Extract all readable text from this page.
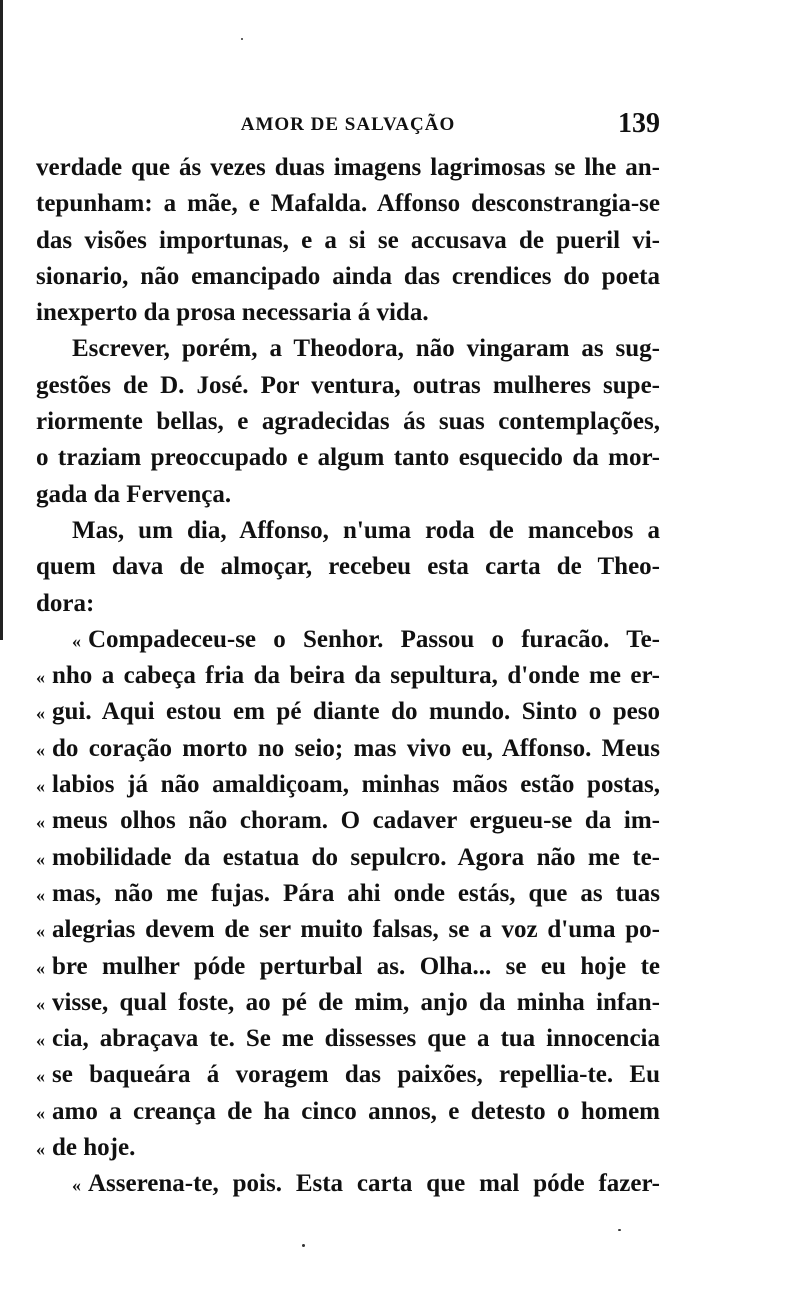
AMOR DE SALVAÇÃO	139
verdade que ás vezes duas imagens lagrimosas se lhe an-
tepunham: a mãe, e Mafalda. Affonso desconstrangia-se
das visões importunas, e a si se accusava de pueril vi-
sionario, não emancipado ainda das crendices do poeta
inexperto da prosa necessaria á vida.
Escrever, porém, a Theodora, não vingaram as sug-
gestões de D. José. Por ventura, outras mulheres supe-
riormente bellas, e agradecidas ás suas contemplações,
o traziam preoccupado e algum tanto esquecido da mor-
gada da Fervença.
Mas, um dia, Affonso, n'uma roda de mancebos a
quem dava de almoçar, recebeu esta carta de Theo-
dora:
« Compadeceu-se o Senhor. Passou o furacão. Te-
« nho a cabeça fria da beira da sepultura, d'onde me er-
« gui. Aqui estou em pé diante do mundo. Sinto o peso
« do coração morto no seio; mas vivo eu, Affonso. Meus
« labios já não amaldiçoam, minhas mãos estão postas,
« meus olhos não choram. O cadaver ergueu-se da im-
« mobilidade da estatua do sepulcro. Agora não me te-
« mas, não me fujas. Pára ahi onde estás, que as tuas
« alegrias devem de ser muito falsas, se a voz d'uma po-
« bre mulher póde perturbal as. Olha... se eu hoje te
« visse, qual foste, ao pé de mim, anjo da minha infan-
« cia, abraçava te. Se me dissesses que a tua innocencia
« se baqueára á voragem das paixões, repellia-te. Eu
« amo a creança de ha cinco annos, e detesto o homem
« de hoje.
« Asserena-te, pois. Esta carta que mal póde fazer-
